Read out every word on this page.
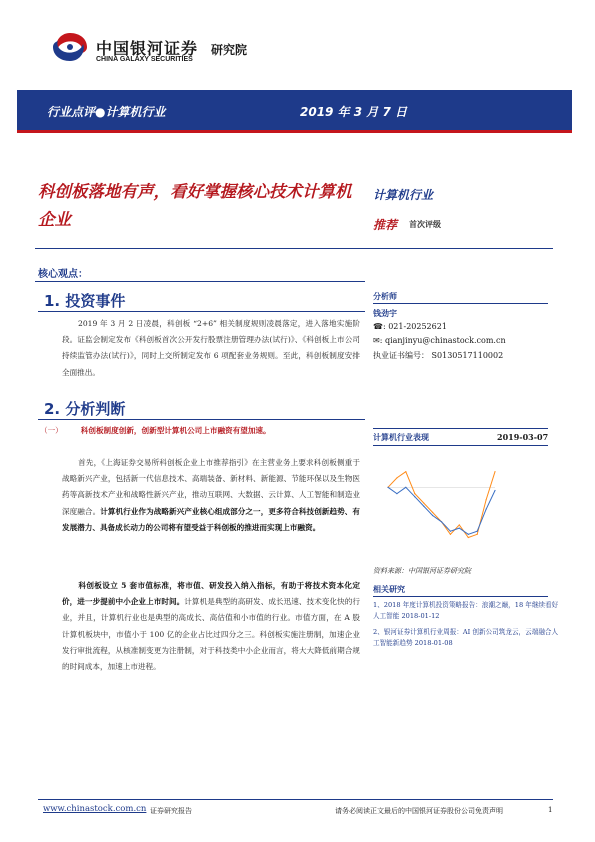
中国银河证券
CHINA GALAXY SECURITIES
研究院
行业点评●计算机行业	2019 年 3 月 7 日
科创板落地有声，看好掌握核心技术计算机企业
计算机行业
推荐 首次评级
核心观点：
1. 投资事件
2019 年 3 月 2 日凌晨，科创板 “2+6” 相关制度规则凌晨落定，进入落地实施阶段。证监会制定发布《科创板首次公开发行股票注册管理办法(试行)》、《科创板上市公司持续监管办法(试行)》，同时上交所制定发布 6 项配套业务规则。至此，科创板制度安排全面推出。
2. 分析判断
（一） 科创板制度创新，创新型计算机公司上市融资有望加速。
首先，《上海证券交易所科创板企业上市推荐指引》在主营业务上要求科创板侧重于战略新兴产业，包括新一代信息技术、高端装备、新材料、新能源、节能环保以及生物医药等高新技术产业和战略性新兴产业，推动互联网、大数据、云计算、人工智能和制造业深度融合。计算机行业作为战略新兴产业核心组成部分之一，更多符合科技创新趋势、有发展潜力、具备成长动力的公司将有望受益于科创板的推进而实现上市融资。
科创板设立 5 套市值标准，将市值、研发投入纳入指标，有助于将技术资本化定价，进一步提前中小企业上市时间。计算机是典型的高研发、成长迅速、技术变化快的行业，并且，计算机行业也是典型的高成长、高估值和小市值的行业。市值方面，在 A 股计算机板块中，市值小于 100 亿的企业占比过四分之三。科创板实施注册制，加速企业发行审批流程，从核准制变更为注册制，对于科技类中小企业而言，将大大降低前期合规的时间成本，加速上市进程。
分析师
钱劲宇
☎: 021-20252621
✉: qianjinyu@chinastock.com.cn
执业证书编号： S0130517110002
计算机行业表现	2019-03-07
资料来源：中国银河证券研究院
相关研究
1、2018 年度计算机投资策略报告：浪潮之巅，18 年继续看好人工智能 2018-01-12
2、银河证券计算机行业周报：AI 创新公司筑龙云，云端融合人工智能新趋势 2018-01-08
www.chinastock.com.cn 证券研究报告	请务必阅读正文最后的中国银河证券股份公司免责声明	1
